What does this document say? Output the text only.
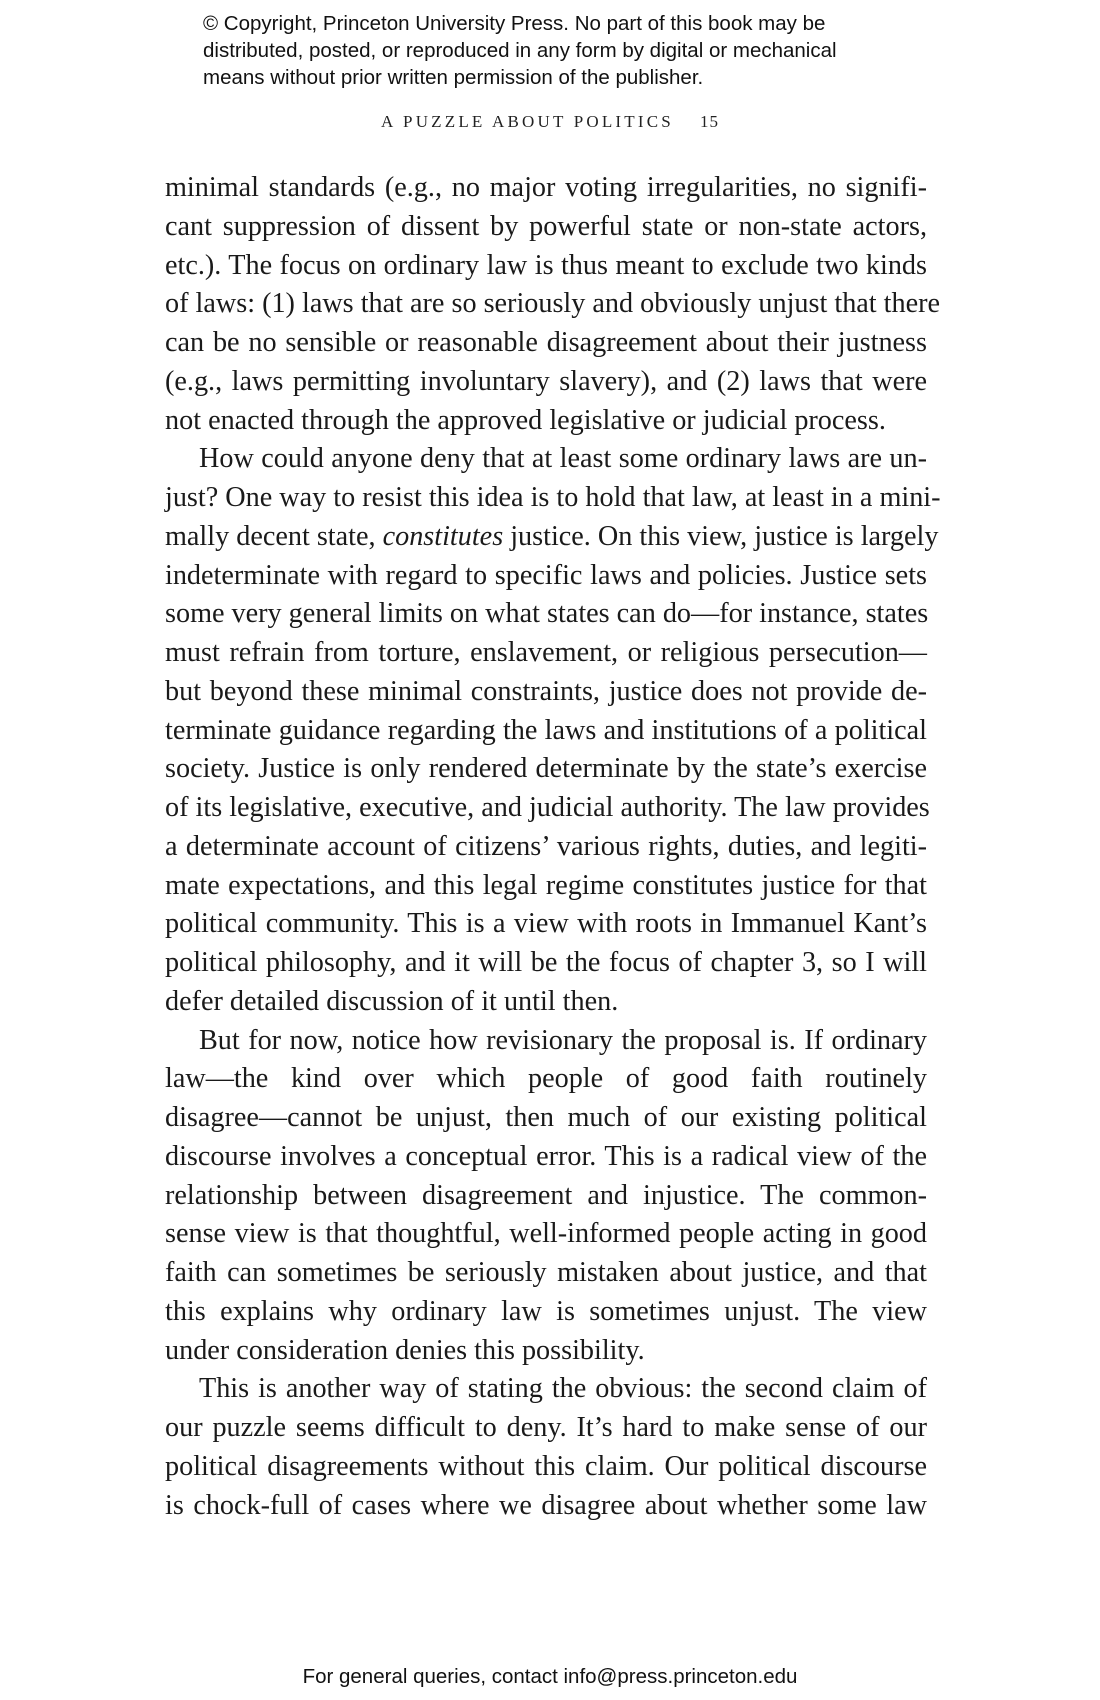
© Copyright, Princeton University Press. No part of this book may be
distributed, posted, or reproduced in any form by digital or mechanical
means without prior written permission of the publisher.
A PUZZLE ABOUT POLITICS 15
minimal standards (e.g., no major voting irregularities, no signifi-
cant suppression of dissent by powerful state or non-state actors,
etc.). The focus on ordinary law is thus meant to exclude two kinds
of laws: (1) laws that are so seriously and obviously unjust that there
can be no sensible or reasonable disagreement about their justness
(e.g., laws permitting involuntary slavery), and (2) laws that were
not enacted through the approved legislative or judicial process.
How could anyone deny that at least some ordinary laws are un-
just? One way to resist this idea is to hold that law, at least in a mini-
mally decent state, constitutes justice. On this view, justice is largely
indeterminate with regard to specific laws and policies. Justice sets
some very general limits on what states can do—for instance, states
must refrain from torture, enslavement, or religious persecution—
but beyond these minimal constraints, justice does not provide de-
terminate guidance regarding the laws and institutions of a political
society. Justice is only rendered determinate by the state’s exercise
of its legislative, executive, and judicial authority. The law provides
a determinate account of citizens’ various rights, duties, and legiti-
mate expectations, and this legal regime constitutes justice for that
political community. This is a view with roots in Immanuel Kant’s
political philosophy, and it will be the focus of chapter 3, so I will
defer detailed discussion of it until then.
But for now, notice how revisionary the proposal is. If ordinary
law—the kind over which people of good faith routinely
disagree—cannot be unjust, then much of our existing political
discourse involves a conceptual error. This is a radical view of the
relationship between disagreement and injustice. The common-
sense view is that thoughtful, well-informed people acting in good
faith can sometimes be seriously mistaken about justice, and that
this explains why ordinary law is sometimes unjust. The view
under consideration denies this possibility.
This is another way of stating the obvious: the second claim of
our puzzle seems difficult to deny. It’s hard to make sense of our
political disagreements without this claim. Our political discourse
is chock-full of cases where we disagree about whether some law
For general queries, contact info@press.princeton.edu
